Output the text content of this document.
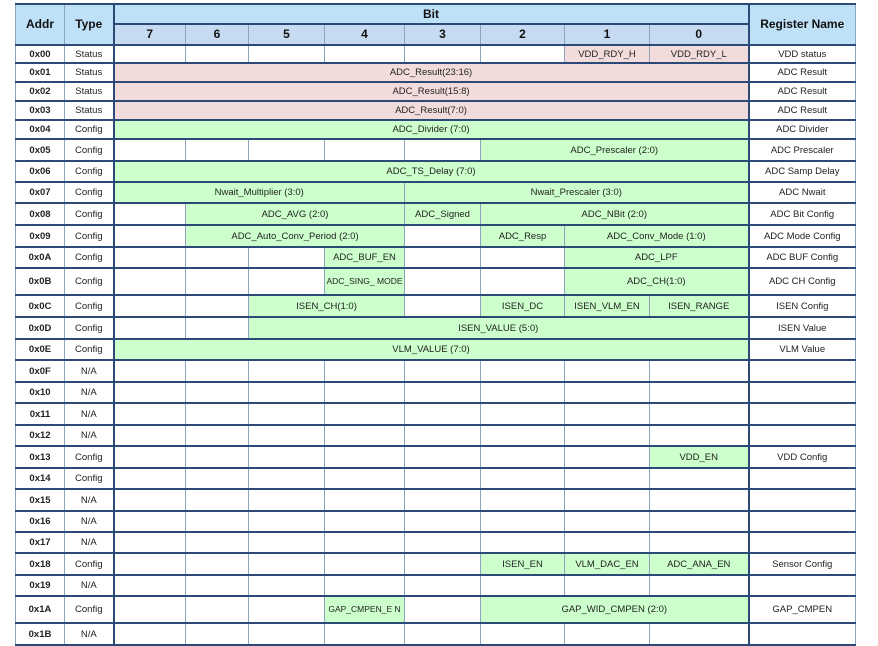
Addr	Type	Bit								Register Name
		7	6	5	4	3	2	1	0	
0x00	Status							VDD_RDY_H	VDD_RDY_L	VDD status
0x01	Status	ADC_Result(23:16)								ADC Result
0x02	Status	ADC_Result(15:8)								ADC Result
0x03	Status	ADC_Result(7:0)								ADC Result
0x04	Config	ADC_Divider (7:0)								ADC Divider
0x05	Config						ADC_Prescaler (2:0)			ADC Prescaler
0x06	Config	ADC_TS_Delay (7:0)								ADC Samp Delay
0x07	Config	Nwait_Multiplier (3:0)				Nwait_Prescaler (3:0)				ADC Nwait
0x08	Config		ADC_AVG (2:0)			ADC_Signed	ADC_NBit (2:0)			ADC Bit Config
0x09	Config		ADC_Auto_Conv_Period (2:0)				ADC_Resp	ADC_Conv_Mode (1:0)		ADC Mode Config
0x0A	Config				ADC_BUF_EN			ADC_LPF		ADC BUF Config
0x0B	Config				ADC_SING_ MODE			ADC_CH(1:0)		ADC CH Config
0x0C	Config			ISEN_CH(1:0)			ISEN_DC	ISEN_VLM_EN	ISEN_RANGE	ISEN Config
0x0D	Config			ISEN_VALUE (5:0)						ISEN Value
0x0E	Config	VLM_VALUE (7:0)								VLM Value
0x0F	N/A									
0x10	N/A									
0x11	N/A									
0x12	N/A									
0x13	Config								VDD_EN	VDD Config
0x14	Config									
0x15	N/A									
0x16	N/A									
0x17	N/A									
0x18	Config						ISEN_EN	VLM_DAC_EN	ADC_ANA_EN	Sensor Config
0x19	N/A									
0x1A	Config				GAP_CMPEN_E N		GAP_WID_CMPEN (2:0)			GAP_CMPEN
0x1B	N/A									
